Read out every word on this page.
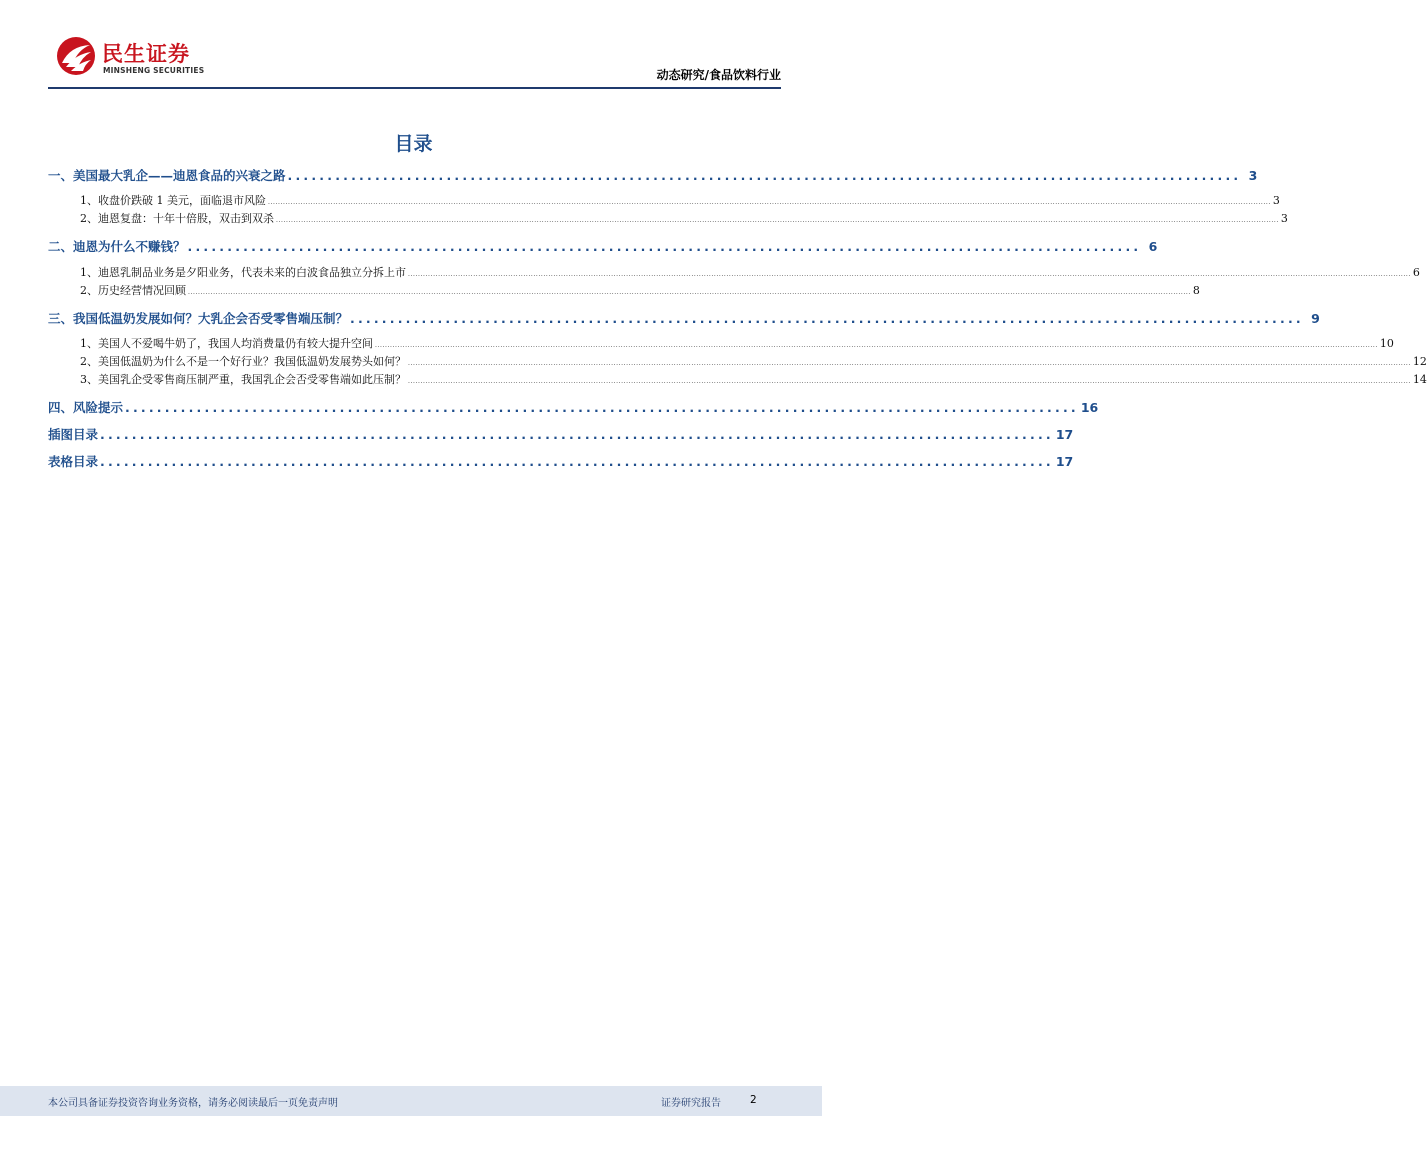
民生证券
MINSHENG SECURITIES	动态研究/食品饮料行业
目录
一、美国最大乳企——迪恩食品的兴衰之路 ........................................................................................................................ 3
1、收盘价跌破 1 美元，面临退市风险 ................................................................................................................................................................................................................................................................................................................................................................................................................ 3
2、迪恩复盘：十年十倍股，双击到双杀 ................................................................................................................................................................................................................................................................................................................................................................................................................ 3
二、迪恩为什么不赚钱？ ........................................................................................................................ 6
1、迪恩乳制品业务是夕阳业务，代表未来的白波食品独立分拆上市 ................................................................................................................................................................................................................................................................................................................................................................................................................ 6
2、历史经营情况回顾 ................................................................................................................................................................................................................................................................................................................................................................................................................ 8
三、我国低温奶发展如何？大乳企会否受零售端压制？ ........................................................................................................................ 9
1、美国人不爱喝牛奶了，我国人均消费量仍有较大提升空间 ................................................................................................................................................................................................................................................................................................................................................................................................................ 10
2、美国低温奶为什么不是一个好行业？我国低温奶发展势头如何？ ................................................................................................................................................................................................................................................................................................................................................................................................................ 12
3、美国乳企受零售商压制严重，我国乳企会否受零售端如此压制？ ................................................................................................................................................................................................................................................................................................................................................................................................................ 14
四、风险提示 ........................................................................................................................ 16
插图目录 ........................................................................................................................ 17
表格目录 ........................................................................................................................ 17
本公司具备证券投资咨询业务资格，请务必阅读最后一页免责声明	证券研究报告	2
